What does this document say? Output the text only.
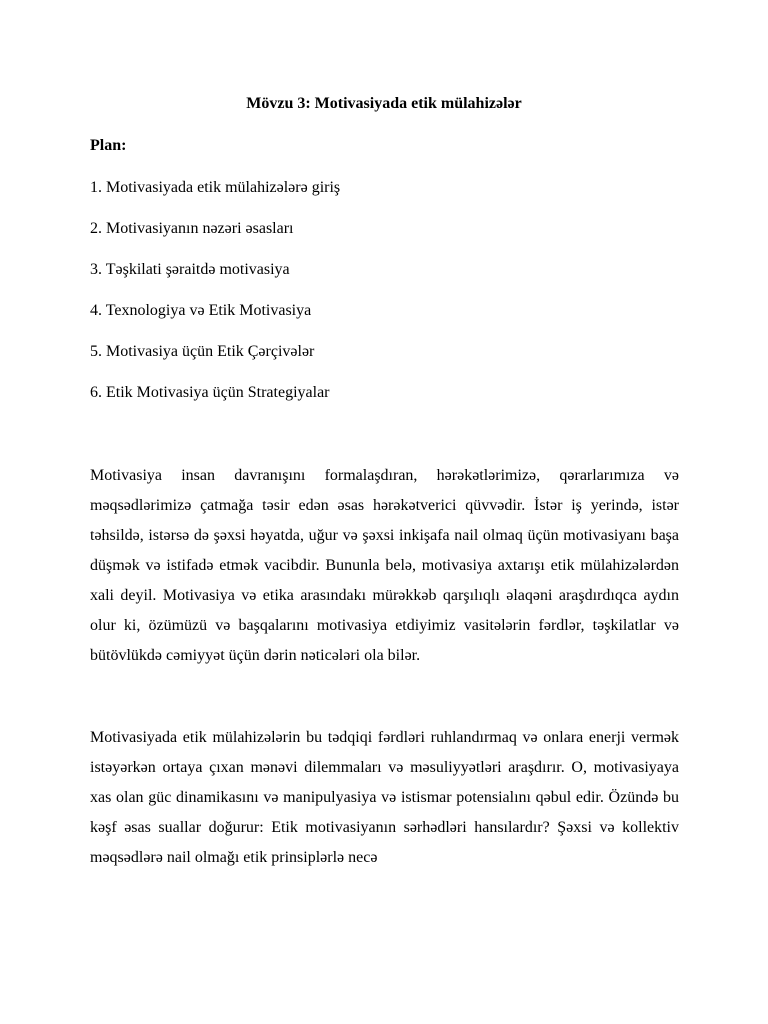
Mövzu 3: Motivasiyada etik mülahizələr
Plan:
1. Motivasiyada etik mülahizələrə giriş
2. Motivasiyanın nəzəri əsasları
3. Təşkilati şəraitdə motivasiya
4. Texnologiya və Etik Motivasiya
5. Motivasiya üçün Etik Çərçivələr
6. Etik Motivasiya üçün Strategiyalar

Motivasiya insan davranışını formalaşdıran, hərəkətlərimizə, qərarlarımıza və məqsədlərimizə çatmağa təsir edən əsas hərəkətverici qüvvədir. İstər iş yerində, istər təhsildə, istərsə də şəxsi həyatda, uğur və şəxsi inkişafa nail olmaq üçün motivasiyanı başa düşmək və istifadə etmək vacibdir. Bununla belə, motivasiya axtarışı etik mülahizələrdən xali deyil. Motivasiya və etika arasındakı mürəkkəb qarşılıqlı əlaqəni araşdırdıqca aydın olur ki, özümüzü və başqalarını motivasiya etdiyimiz vasitələrin fərdlər, təşkilatlar və bütövlükdə cəmiyyət üçün dərin nəticələri ola bilər.

Motivasiyada etik mülahizələrin bu tədqiqi fərdləri ruhlandırmaq və onlara enerji vermək istəyərkən ortaya çıxan mənəvi dilemmaları və məsuliyyətləri araşdırır. O, motivasiyaya xas olan güc dinamikasını və manipulyasiya və istismar potensialını qəbul edir. Özündə bu kəşf əsas suallar doğurur: Etik motivasiyanın sərhədləri hansılardır? Şəxsi və kollektiv məqsədlərə nail olmağı etik prinsiplərlə necə
